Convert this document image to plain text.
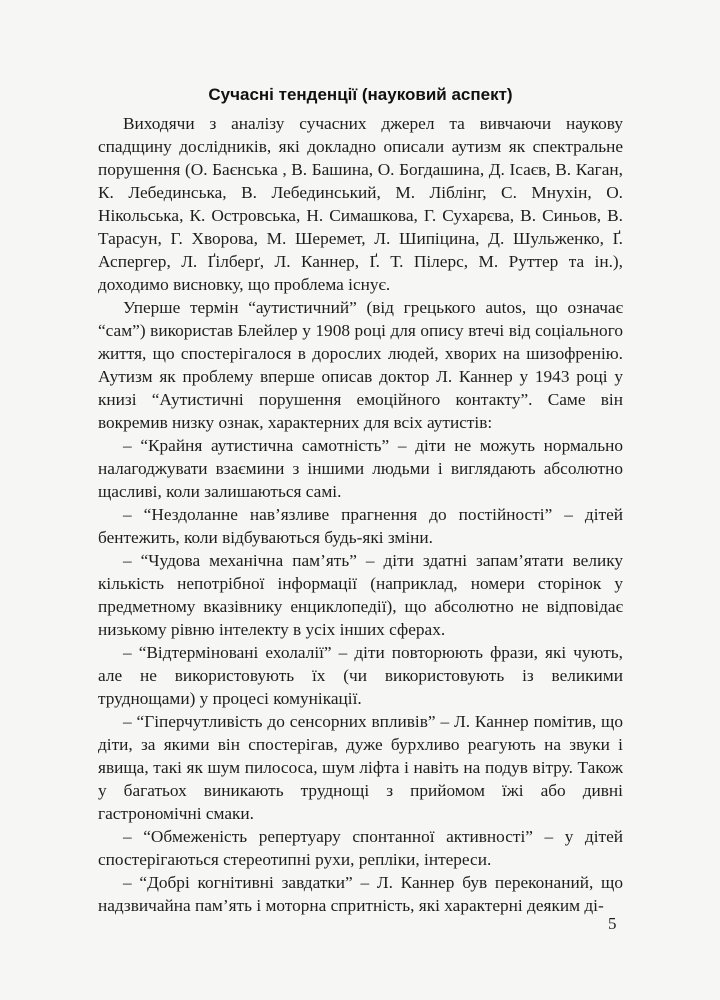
Сучасні тенденції (науковий аспект)

Виходячи з аналізу сучасних джерел та вивчаючи наукову спадщину дослідників, які докладно описали аутизм як спектральне порушення (О. Баєнська , В. Башина, О. Богдашина, Д. Ісаєв, В. Каган, К. Лебединська, В. Лебединський, М. Ліблінг, С. Мнухін, О. Нікольська, К. Островська, Н. Симашкова, Г. Сухарєва, В. Синьов, В. Тарасун, Г. Хворова, М. Шеремет, Л. Шипіцина, Д. Шульженко, Ґ. Аспергер, Л. Ґілберґ, Л. Каннер, Ґ. Т. Пілерс, М. Руттер та ін.), доходимо висновку, що проблема існує.

Уперше термін “аутистичний” (від грецького autos, що означає “сам”) використав Блейлер у 1908 році для опису втечі від соціального життя, що спостерігалося в дорослих людей, хворих на шизофренію. Аутизм як проблему вперше описав доктор Л. Каннер у 1943 році у книзі “Аутистичні порушення емоційного контакту”. Саме він вокремив низку ознак, характерних для всіх аутистів:

– “Крайня аутистична самотність” – діти не можуть нормально налагоджувати взаємини з іншими людьми і виглядають абсолютно щасливі, коли залишаються самі.

– “Нездоланне нав’язливе прагнення до постійності” – дітей бентежить, коли відбуваються будь-які зміни.

– “Чудова механічна пам’ять” – діти здатні запам’ятати велику кількість непотрібної інформації (наприклад, номери сторінок у предметному вказівнику енциклопедії), що абсолютно не відповідає низькому рівню інтелекту в усіх інших сферах.

– “Відтерміновані ехолалії” – діти повторюють фрази, які чують, але не використовують їх (чи використовують із великими труднощами) у процесі комунікації.

– “Гіперчутливість до сенсорних впливів” – Л. Каннер помітив, що діти, за якими він спостерігав, дуже бурхливо реагують на звуки і явища, такі як шум пилососа, шум ліфта і навіть на подув вітру. Також у багатьох виникають труднощі з прийомом їжі або дивні гастрономічні смаки.

– “Обмеженість репертуару спонтанної активності” – у дітей спостерігаються стереотипні рухи, репліки, інтереси.

– “Добрі когнітивні завдатки” – Л. Каннер був переконаний, що надзвичайна пам’ять і моторна спритність, які характерні деяким ді-

5
